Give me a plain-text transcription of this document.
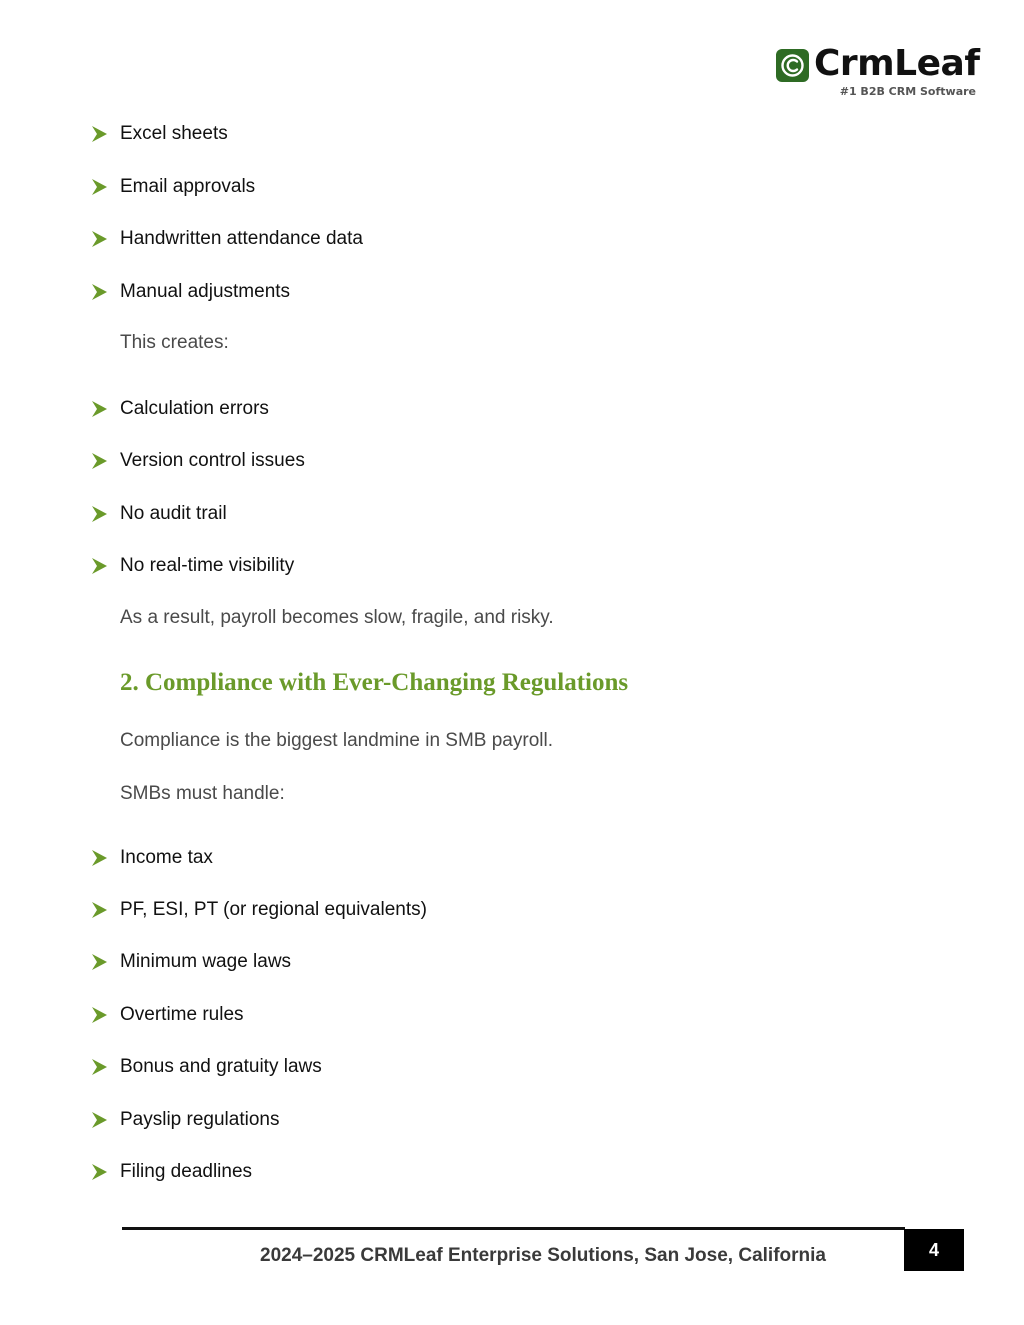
CrmLeaf
#1 B2B CRM Software
Excel sheets
Email approvals
Handwritten attendance data
Manual adjustments
This creates:
Calculation errors
Version control issues
No audit trail
No real-time visibility
As a result, payroll becomes slow, fragile, and risky.
2. Compliance with Ever-Changing Regulations
Compliance is the biggest landmine in SMB payroll.
SMBs must handle:
Income tax
PF, ESI, PT (or regional equivalents)
Minimum wage laws
Overtime rules
Bonus and gratuity laws
Payslip regulations
Filing deadlines
2024–2025 CRMLeaf Enterprise Solutions, San Jose, California	4
